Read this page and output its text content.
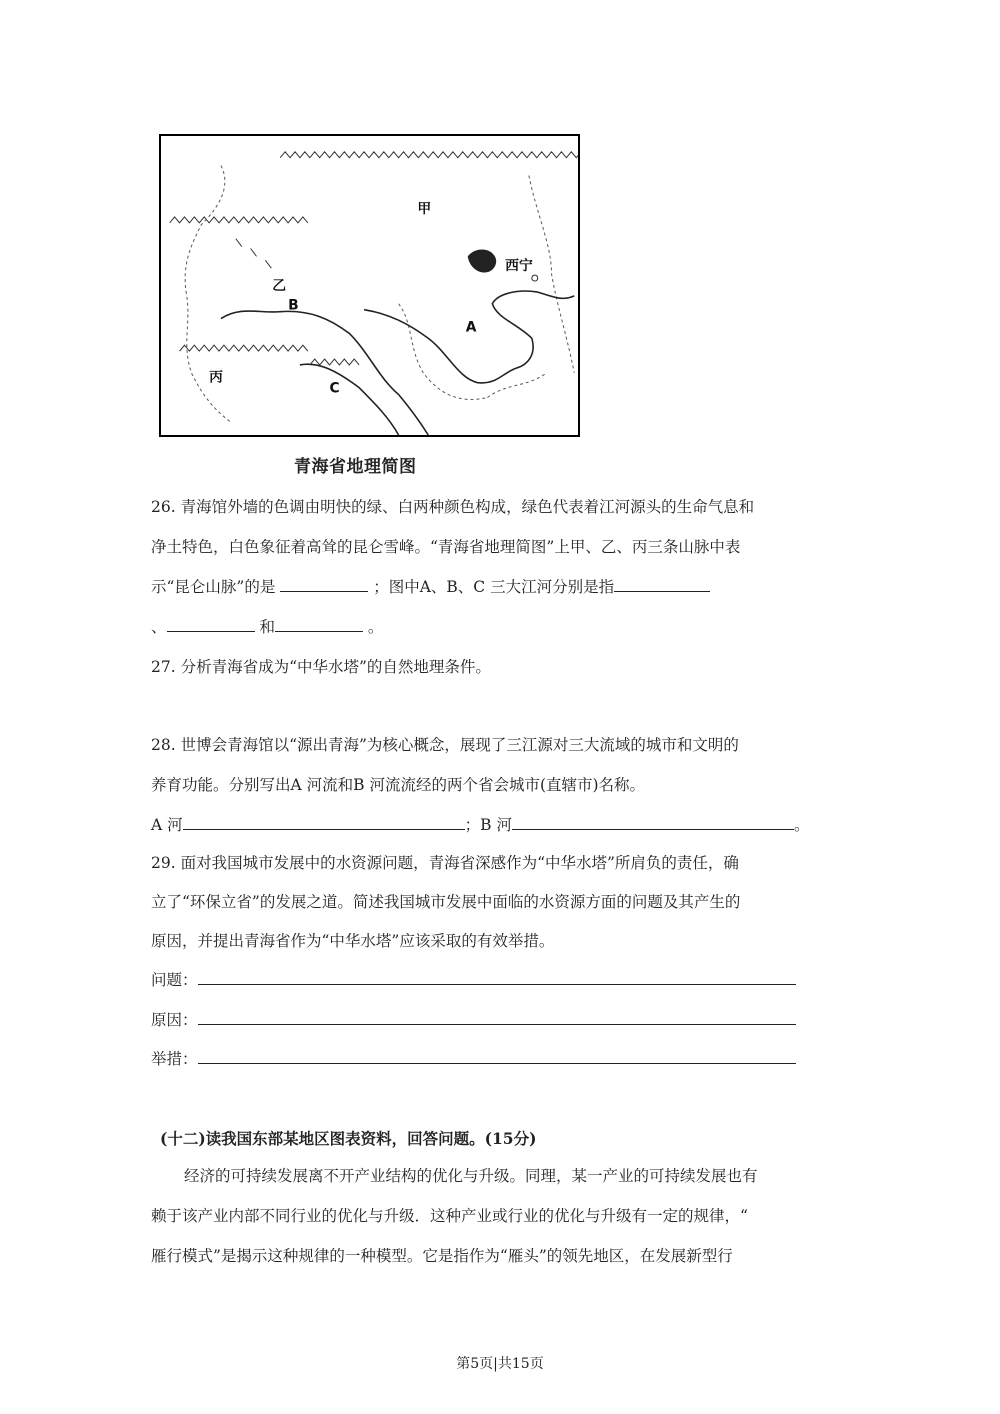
甲
乙
丙
A
B
C
西宁
青海省地理简图
26. 青海馆外墙的色调由明快的绿、白两种颜色构成，绿色代表着江河源头的生命气息和
净土特色，白色象征着高耸的昆仑雪峰。“青海省地理简图”上甲、乙、丙三条山脉中表
示“昆仑山脉”的是	；图中A、B、C 三大江河分别是指
、	和	。
27. 分析青海省成为“中华水塔”的自然地理条件。
28. 世博会青海馆以“源出青海”为核心概念，展现了三江源对三大流域的城市和文明的
养育功能。分别写出A 河流和B 河流流经的两个省会城市(直辖市)名称。
A 河	；B 河	。
29. 面对我国城市发展中的水资源问题，青海省深感作为“中华水塔”所肩负的责任，确
立了“环保立省”的发展之道。简述我国城市发展中面临的水资源方面的问题及其产生的
原因，并提出青海省作为“中华水塔”应该采取的有效举措。
问题：
原因：
举措：
(十二)读我国东部某地区图表资料，回答问题。(15分)
经济的可持续发展离不开产业结构的优化与升级。同理，某一产业的可持续发展也有
赖于该产业内部不同行业的优化与升级．这种产业或行业的优化与升级有一定的规律，“
雁行模式”是揭示这种规律的一种模型。它是指作为“雁头”的领先地区，在发展新型行
第5页|共15页
